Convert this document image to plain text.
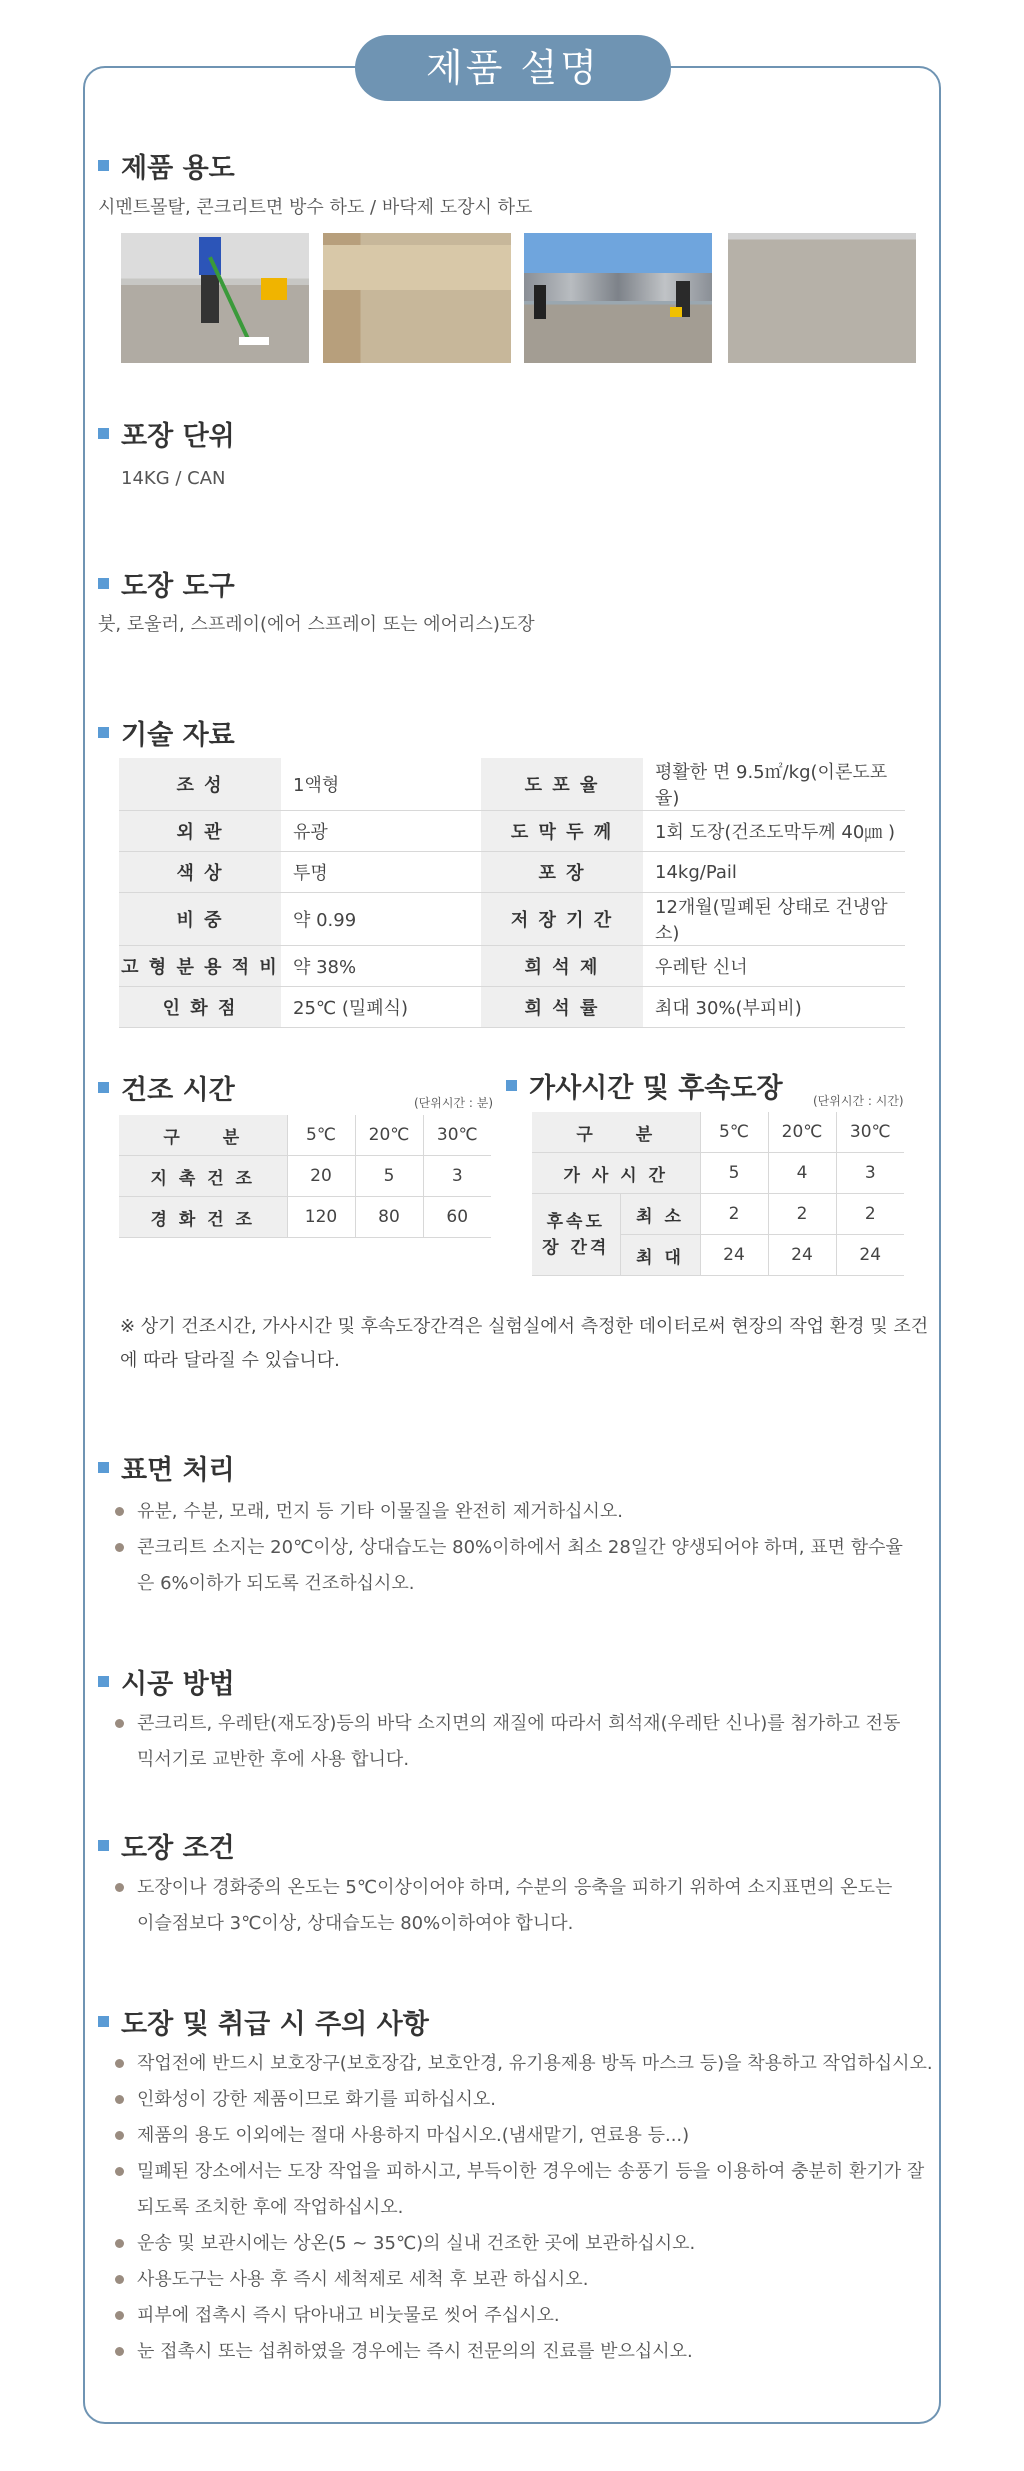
제품 설명
제품 용도
시멘트몰탈, 콘크리트면 방수 하도 / 바닥제 도장시 하도
포장 단위
14KG / CAN
도장 도구
붓, 로울러, 스프레이(에어 스프레이 또는 에어리스)도장
기술 자료
조 성	1액형	도 포 율	평활한 면 9.5㎡/kg(이론도포율)
외 관	유광	도 막 두 께	1회 도장(건조도막두께 40㎛ )
색 상	투명	포 장	14kg/Pail
비 중	약 0.99	저 장 기 간	12개월(밀폐된 상태로 건냉암소)
고 형 분 용 적 비	약 38%	희 석 제	우레탄 신너
인 화 점	25℃ (밀폐식)	희 석 률	최대 30%(부피비)
건조 시간	(단위시간 : 분)
구　　분	5℃	20℃	30℃
지 촉 건 조	20	5	3
경 화 건 조	120	80	60
가사시간 및 후속도장	(단위시간 : 시간)
구　　분		5℃	20℃	30℃
가 사 시 간		5	4	3
후속도장 간격	최 소	2	2	2
	최 대	24	24	24
※ 상기 건조시간, 가사시간 및 후속도장간격은 실험실에서 측정한 데이터로써 현장의 작업 환경 및 조건에 따라 달라질 수 있습니다.
표면 처리
유분, 수분, 모래, 먼지 등 기타 이물질을 완전히 제거하십시오.
콘크리트 소지는 20℃이상, 상대습도는 80%이하에서 최소 28일간 양생되어야 하며, 표면 함수율은 6%이하가 되도록 건조하십시오.
시공 방법
콘크리트, 우레탄(재도장)등의 바닥 소지면의 재질에 따라서 희석재(우레탄 신나)를 첨가하고 전동 믹서기로 교반한 후에 사용 합니다.
도장 조건
도장이나 경화중의 온도는 5℃이상이어야 하며, 수분의 응축을 피하기 위하여 소지표면의 온도는 이슬점보다 3℃이상, 상대습도는 80%이하여야 합니다.
도장 및 취급 시 주의 사항
작업전에 반드시 보호장구(보호장갑, 보호안경, 유기용제용 방독 마스크 등)을 착용하고 작업하십시오.
인화성이 강한 제품이므로 화기를 피하십시오.
제품의 용도 이외에는 절대 사용하지 마십시오.(냄새맡기, 연료용 등...)
밀폐된 장소에서는 도장 작업을 피하시고, 부득이한 경우에는 송풍기 등을 이용하여 충분히 환기가 잘 되도록 조치한 후에 작업하십시오.
운송 및 보관시에는 상온(5 ~ 35℃)의 실내 건조한 곳에 보관하십시오.
사용도구는 사용 후 즉시 세척제로 세척 후 보관 하십시오.
피부에 접촉시 즉시 닦아내고 비눗물로 씻어 주십시오.
눈 접촉시 또는 섭취하였을 경우에는 즉시 전문의의 진료를 받으십시오.
